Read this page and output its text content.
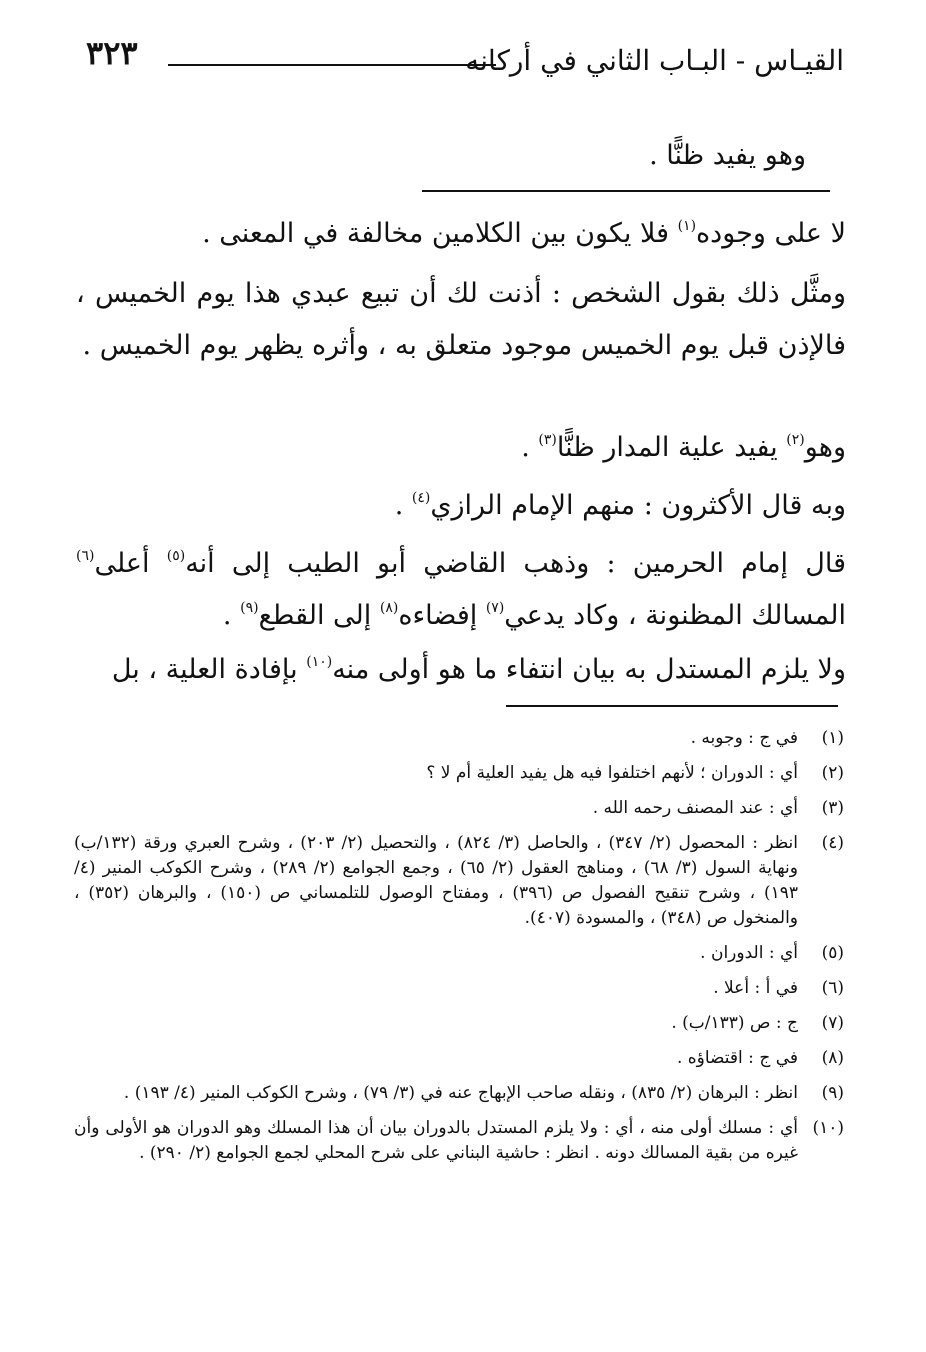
القيـاس - البـاب الثاني في أركانه
٣٢٣
وهو يفيد ظنًّا .
لا على وجوده$^{(١)}$ فلا يكون بين الكلامين مخالفة في المعنى .
ومثَّل ذلك بقول الشخص : أذنت لك أن تبيع عبدي هذا يوم الخميس ، فالإذن قبل يوم الخميس موجود متعلق به ، وأثره يظهر يوم الخميس .
وهو$^{(٢)}$ يفيد علية المدار ظنًّا$^{(٣)}$ .
وبه قال الأكثرون : منهم الإمام الرازي$^{(٤)}$ .
قال إمام الحرمين : وذهب القاضي أبو الطيب إلى أنه$^{(٥)}$ أعلى$^{(٦)}$ المسالك المظنونة ، وكاد يدعي$^{(٧)}$ إفضاءه$^{(٨)}$ إلى القطع$^{(٩)}$ .
ولا يلزم المستدل به بيان انتفاء ما هو أولى منه$^{(١٠)}$ بإفادة العلية ، بل
(١)
في ج : وجوبه .
(٢)
أي : الدوران ؛ لأنهم اختلفوا فيه هل يفيد العلية أم لا ؟
(٣)
أي : عند المصنف رحمه الله .
(٤)
انظر : المحصول (٢/ ٣٤٧) ، والحاصل (٣/ ٨٢٤) ، والتحصيل (٢/ ٢٠٣) ، وشرح العبري ورقة (١٣٢/ب) ونهاية السول (٣/ ٦٨) ، ومناهج العقول (٢/ ٦٥) ، وجمع الجوامع (٢/ ٢٨٩) ، وشرح الكوكب المنير (٤/ ١٩٣) ، وشرح تنقيح الفصول ص (٣٩٦) ، ومفتاح الوصول للتلمساني ص (١٥٠) ، والبرهان (٣٥٢) ، والمنخول ص (٣٤٨) ، والمسودة (٤٠٧).
(٥)
أي : الدوران .
(٦)
في أ : أعلا .
(٧)
ج : ص (١٣٣/ب) .
(٨)
في ج : اقتضاؤه .
(٩)
انظر : البرهان (٢/ ٨٣٥) ، ونقله صاحب الإبهاج عنه في (٣/ ٧٩) ، وشرح الكوكب المنير (٤/ ١٩٣) .
(١٠)
أي : مسلك أولى منه ، أي : ولا يلزم المستدل بالدوران بيان أن هذا المسلك وهو الدوران هو الأولى وأن غيره من بقية المسالك دونه . انظر : حاشية البناني على شرح المحلي لجمع الجوامع (٢/ ٢٩٠) .
